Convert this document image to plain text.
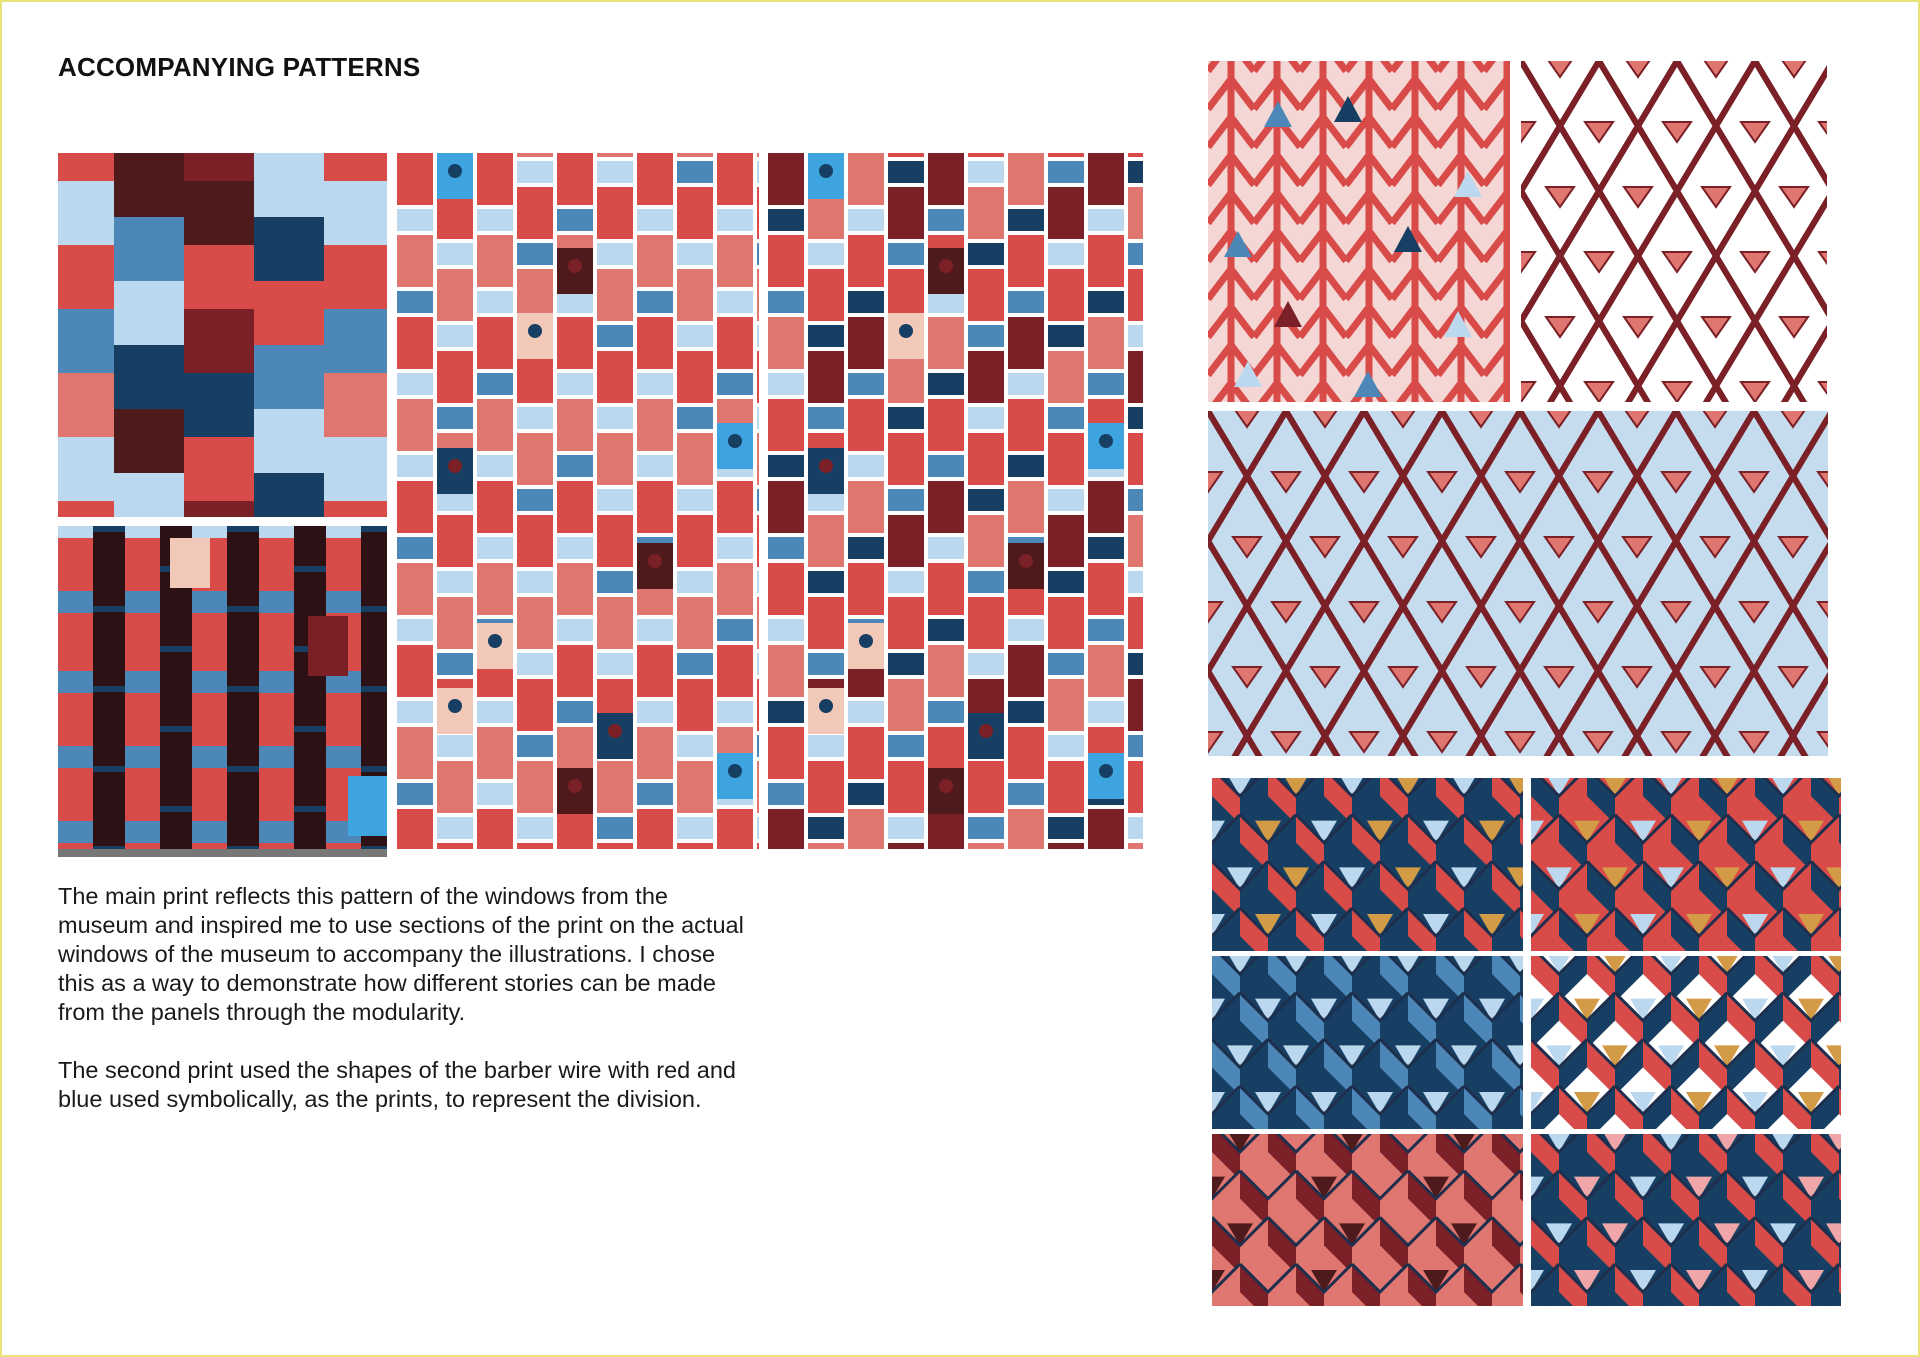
ACCOMPANYING PATTERNS

The main print reflects this pattern of the windows from the museum and inspired me to use sections of the print on the actual windows of the museum to accompany the illustrations. I chose this as a way to demonstrate how different stories can be made from the panels through the modularity.

The second print used the shapes of the barber wire with red and blue used symbolically, as the prints, to represent the division.
